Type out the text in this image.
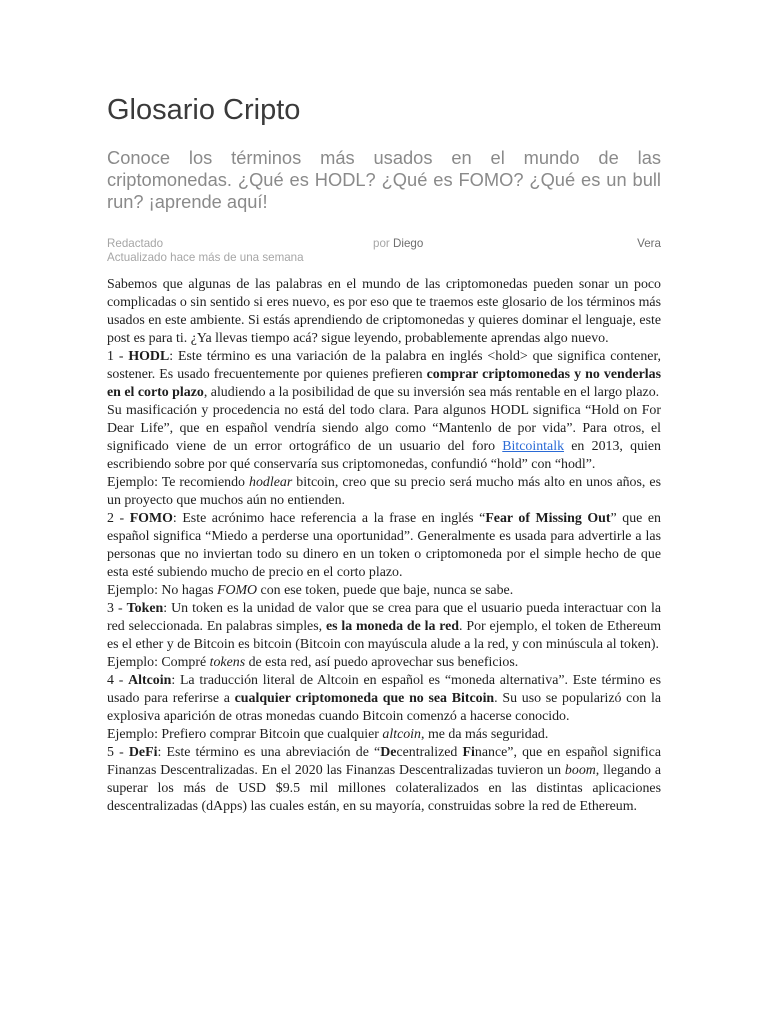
Glosario Cripto

Conoce los términos más usados en el mundo de las criptomonedas. ¿Qué es HODL? ¿Qué es FOMO? ¿Qué es un bull run? ¡aprende aquí!

Redactado	por Diego	Vera
Actualizado hace más de una semana

Sabemos que algunas de las palabras en el mundo de las criptomonedas pueden sonar un poco complicadas o sin sentido si eres nuevo, es por eso que te traemos este glosario de los términos más usados en este ambiente. Si estás aprendiendo de criptomonedas y quieres dominar el lenguaje, este post es para ti. ¿Ya llevas tiempo acá? sigue leyendo, probablemente aprendas algo nuevo.

1 - HODL: Este término es una variación de la palabra en inglés <hold> que significa contener, sostener. Es usado frecuentemente por quienes prefieren comprar criptomonedas y no venderlas en el corto plazo, aludiendo a la posibilidad de que su inversión sea más rentable en el largo plazo.

Su masificación y procedencia no está del todo clara. Para algunos HODL significa “Hold on For Dear Life”, que en español vendría siendo algo como “Mantenlo de por vida”. Para otros, el significado viene de un error ortográfico de un usuario del foro Bitcointalk en 2013, quien escribiendo sobre por qué conservaría sus criptomonedas, confundió “hold” con “hodl”.

Ejemplo: Te recomiendo hodlear bitcoin, creo que su precio será mucho más alto en unos años, es un proyecto que muchos aún no entienden.

2 - FOMO: Este acrónimo hace referencia a la frase en inglés “Fear of Missing Out” que en español significa “Miedo a perderse una oportunidad”. Generalmente es usada para advertirle a las personas que no inviertan todo su dinero en un token o criptomoneda por el simple hecho de que esta esté subiendo mucho de precio en el corto plazo.

Ejemplo: No hagas FOMO con ese token, puede que baje, nunca se sabe.

3 - Token: Un token es la unidad de valor que se crea para que el usuario pueda interactuar con la red seleccionada. En palabras simples, es la moneda de la red. Por ejemplo, el token de Ethereum es el ether y de Bitcoin es bitcoin (Bitcoin con mayúscula alude a la red, y con minúscula al token).

Ejemplo: Compré tokens de esta red, así puedo aprovechar sus beneficios.

4 - Altcoin: La traducción literal de Altcoin en español es “moneda alternativa”. Este término es usado para referirse a cualquier criptomoneda que no sea Bitcoin. Su uso se popularizó con la explosiva aparición de otras monedas cuando Bitcoin comenzó a hacerse conocido.

Ejemplo: Prefiero comprar Bitcoin que cualquier altcoin, me da más seguridad.

5 - DeFi: Este término es una abreviación de “Decentralized Finance”, que en español significa Finanzas Descentralizadas. En el 2020 las Finanzas Descentralizadas tuvieron un boom, llegando a superar los más de USD $9.5 mil millones colateralizados en las distintas aplicaciones descentralizadas (dApps) las cuales están, en su mayoría, construidas sobre la red de Ethereum.
